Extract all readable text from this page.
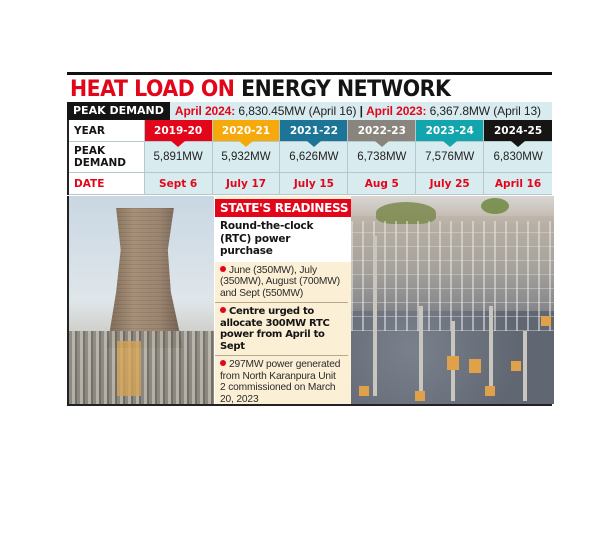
HEAT LOAD ON ENERGY NETWORK
PEAK DEMAND April 2024: 6,830.45MW (April 16) | April 2023: 6,367.8MW (April 13)
YEAR	2019-20	2020-21	2021-22	2022-23	2023-24	2024-25
PEAK DEMAND	5,891MW	5,932MW	6,626MW	6,738MW	7,576MW	6,830MW
DATE	Sept 6	July 17	July 15	Aug 5	July 25	April 16
STATE'S READINESS
Round-the-clock (RTC) power purchase
June (350MW), July (350MW), August (700MW) and Sept (550MW)
Centre urged to allocate 300MW RTC power from April to Sept
297MW power generated from North Karanpura Unit 2 commissioned on March 20, 2023
